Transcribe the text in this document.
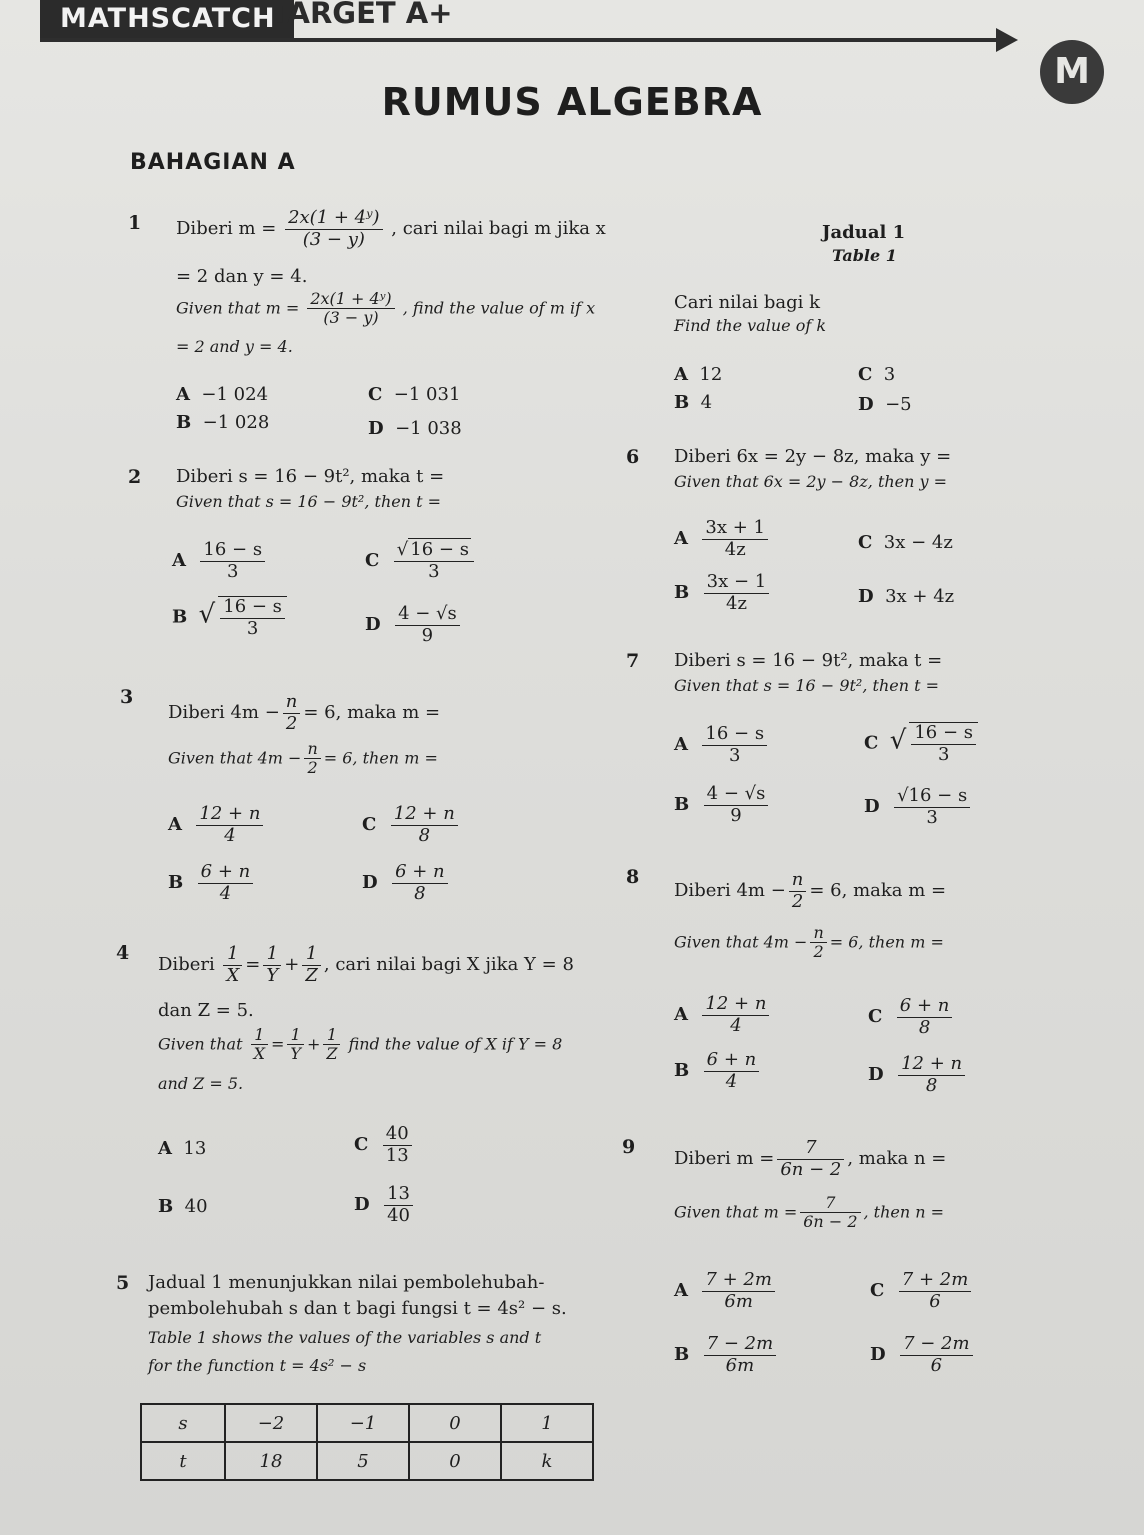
MATHSCATCH
TARGET A+
M
RUMUS ALGEBRA
BAHAGIAN A
1 Diberi $m = \frac{\text{2x(1 + 4ʸ)}}{(3 - y)}$ , cari nilai bagi m jika x
= 2 dan y = 4.
Given that $m = \frac{\text{2x(1 + 4ʸ)}}{(3 - y)}$ , find the value of m if x
= 2 and y = 4.
A −1 024
B −1 028
C −1 031
D −1 038
2 Diberi s = 16 − 9t², maka t =
Given that s = 16 − 9t², then t =
A $\frac{16 - s}{3}$
B √ $\frac{16 - s}{3}$
C $\frac{√ 16 - s}{3}$
D $\frac{4 - √s}{9}$
3
Diberi $4m - \frac{n}{2} = 6$, maka m =
Given that $4m - \frac{n}{2} = 6$, then m =
A $\frac{12 + n}{4}$
B $\frac{6 + n}{4}$
C $\frac{12 + n}{8}$
D $\frac{6 + n}{8}$
4
Diberi $\frac{1}{X} = \frac{1}{Y} + \frac{1}{Z}$ , cari nilai bagi X jika Y = 8
dan Z = 5.
Given that $\frac{1}{X} = \frac{1}{Y} + \frac{1}{Z}$ find the value of X if Y = 8
and Z = 5.
A 13
B 40
C $\frac{40}{13}$
D $\frac{13}{40}$
5 Jadual 1 menunjukkan nilai pembolehubah-
pembolehubah s dan t bagi fungsi t = 4s² − s.
Table 1 shows the values of the variables s and t
for the function t = 4s² − s
s	−2	−1	0	1
t	18	5	0	k
Jadual 1
Table 1
Cari nilai bagi k
Find the value of k
A 12
B 4
C 3
D −5
6 Diberi 6x = 2y − 8z, maka y =
Given that 6x = 2y − 8z, then y =
A $\frac{3x + 1}{4z}$
B $\frac{3x - 1}{4z}$
C 3x − 4z
D 3x + 4z
7 Diberi s = 16 − 9t², maka t =
Given that s = 16 − 9t², then t =
A $\frac{16 - s}{3}$
B $\frac{4 - √s}{9}$
C √ $\frac{16 - s}{3}$
D $\frac{√16 - s}{3}$
8
Diberi $4m - \frac{n}{2} = 6$, maka m =
Given that $4m - \frac{n}{2} = 6$, then m =
A $\frac{12 + n}{4}$
B $\frac{6 + n}{4}$
C $\frac{6 + n}{8}$
D $\frac{12 + n}{8}$
9
Diberi $m = \frac{7}{6n - 2}$ , maka n =
Given that $m = \frac{7}{6n - 2}$ , then n =
A $\frac{7 + 2m}{6m}$
B $\frac{7 - 2m}{6m}$
C $\frac{7 + 2m}{6}$
D $\frac{7 - 2m}{6}$
